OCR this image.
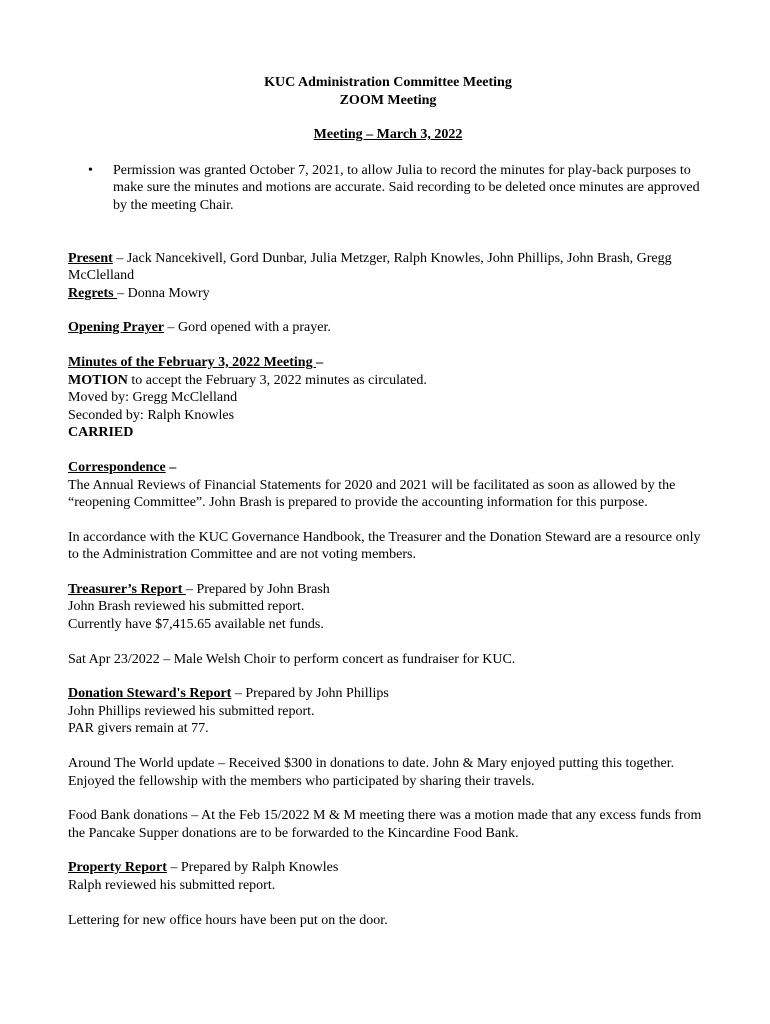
KUC Administration Committee Meeting
ZOOM Meeting
Meeting – March 3, 2022
• Permission was granted October 7, 2021, to allow Julia to record the minutes for play-back purposes to make sure the minutes and motions are accurate. Said recording to be deleted once minutes are approved by the meeting Chair.

Present – Jack Nancekivell, Gord Dunbar, Julia Metzger, Ralph Knowles, John Phillips, John Brash, Gregg McClelland

Regrets – Donna Mowry

Opening Prayer – Gord opened with a prayer.

Minutes of the February 3, 2022 Meeting –

MOTION to accept the February 3, 2022 minutes as circulated.

Moved by: Gregg McClelland

Seconded by: Ralph Knowles

CARRIED

Correspondence –

The Annual Reviews of Financial Statements for 2020 and 2021 will be facilitated as soon as allowed by the “reopening Committee”. John Brash is prepared to provide the accounting information for this purpose.

In accordance with the KUC Governance Handbook, the Treasurer and the Donation Steward are a resource only to the Administration Committee and are not voting members.

Treasurer’s Report – Prepared by John Brash

John Brash reviewed his submitted report.

Currently have $7,415.65 available net funds.

Sat Apr 23/2022 – Male Welsh Choir to perform concert as fundraiser for KUC.

Donation Steward's Report – Prepared by John Phillips

John Phillips reviewed his submitted report.

PAR givers remain at 77.

Around The World update – Received $300 in donations to date. John & Mary enjoyed putting this together. Enjoyed the fellowship with the members who participated by sharing their travels.

Food Bank donations – At the Feb 15/2022 M & M meeting there was a motion made that any excess funds from the Pancake Supper donations are to be forwarded to the Kincardine Food Bank.

Property Report – Prepared by Ralph Knowles

Ralph reviewed his submitted report.

Lettering for new office hours have been put on the door.
